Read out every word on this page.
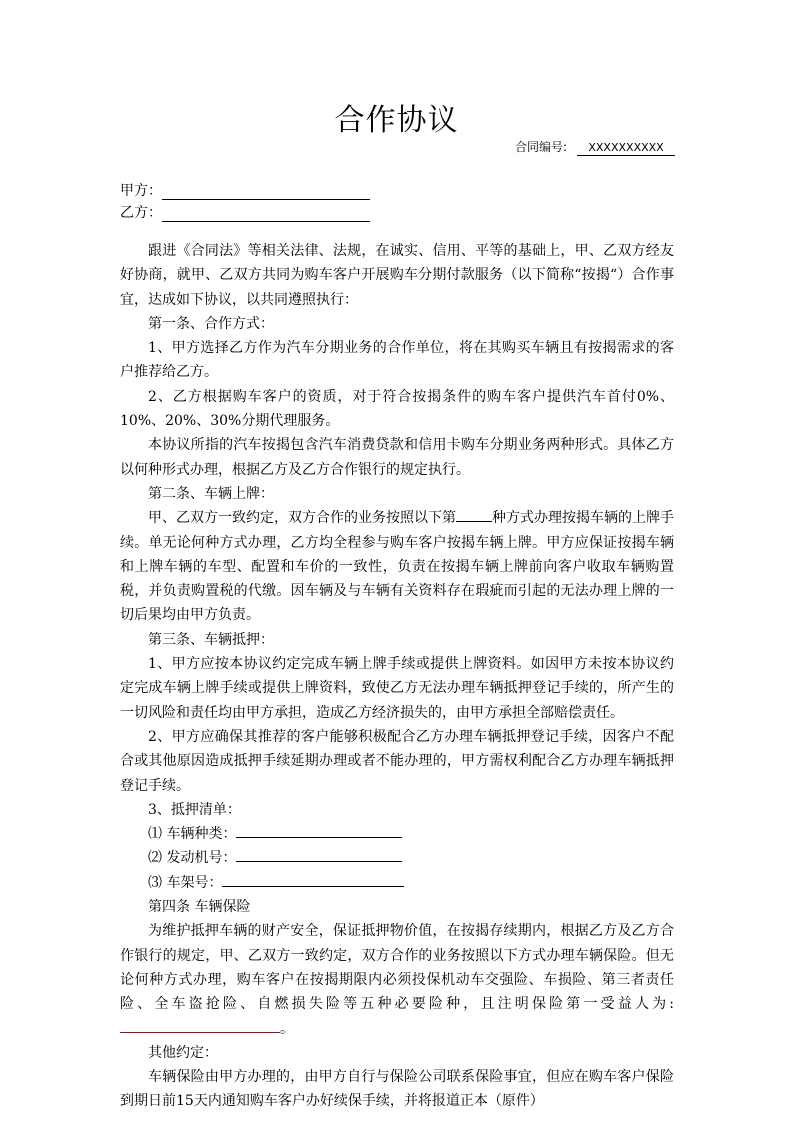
合作协议
合同编号: XXXXXXXXXX
甲方：
乙方：

跟进《合同法》等相关法律、法规，在诚实、信用、平等的基础上，甲、乙双方经友好协商，就甲、乙双方共同为购车客户开展购车分期付款服务（以下简称“按揭“）合作事宜，达成如下协议，以共同遵照执行：

第一条、合作方式：

1、甲方选择乙方作为汽车分期业务的合作单位，将在其购买车辆且有按揭需求的客户推荐给乙方。

2、乙方根据购车客户的资质，对于符合按揭条件的购车客户提供汽车首付0%、10%、20%、30%分期代理服务。

本协议所指的汽车按揭包含汽车消费贷款和信用卡购车分期业务两种形式。具体乙方以何种形式办理，根据乙方及乙方合作银行的规定执行。

第二条、车辆上牌：

甲、乙双方一致约定，双方合作的业务按照以下第	种方式办理按揭车辆的上牌手续。单无论何种方式办理，乙方均全程参与购车客户按揭车辆上牌。甲方应保证按揭车辆和上牌车辆的车型、配置和车价的一致性，负责在按揭车辆上牌前向客户收取车辆购置税，并负责购置税的代缴。因车辆及与车辆有关资料存在瑕疵而引起的无法办理上牌的一切后果均由甲方负责。

第三条、车辆抵押：

1、甲方应按本协议约定完成车辆上牌手续或提供上牌资料。如因甲方未按本协议约定完成车辆上牌手续或提供上牌资料，致使乙方无法办理车辆抵押登记手续的，所产生的一切风险和责任均由甲方承担，造成乙方经济损失的，由甲方承担全部赔偿责任。

2、甲方应确保其推荐的客户能够积极配合乙方办理车辆抵押登记手续，因客户不配合或其他原因造成抵押手续延期办理或者不能办理的，甲方需权利配合乙方办理车辆抵押登记手续。

3、抵押清单：

⑴ 车辆种类：

⑵ 发动机号：

⑶ 车架号：

第四条 车辆保险

为维护抵押车辆的财产安全，保证抵押物价值，在按揭存续期内，根据乙方及乙方合作银行的规定，甲、乙双方一致约定，双方合作的业务按照以下方式办理车辆保险。但无论何种方式办理，购车客户在按揭期限内必须投保机动车交强险、车损险、第三者责任险、全车盗抢险、自燃损失险等五种必要险种，且注明保险第一受益人为:。

其他约定：

车辆保险由甲方办理的，由甲方自行与保险公司联系保险事宜，但应在购车客户保险到期日前15天内通知购车客户办好续保手续，并将报道正本（原件）
